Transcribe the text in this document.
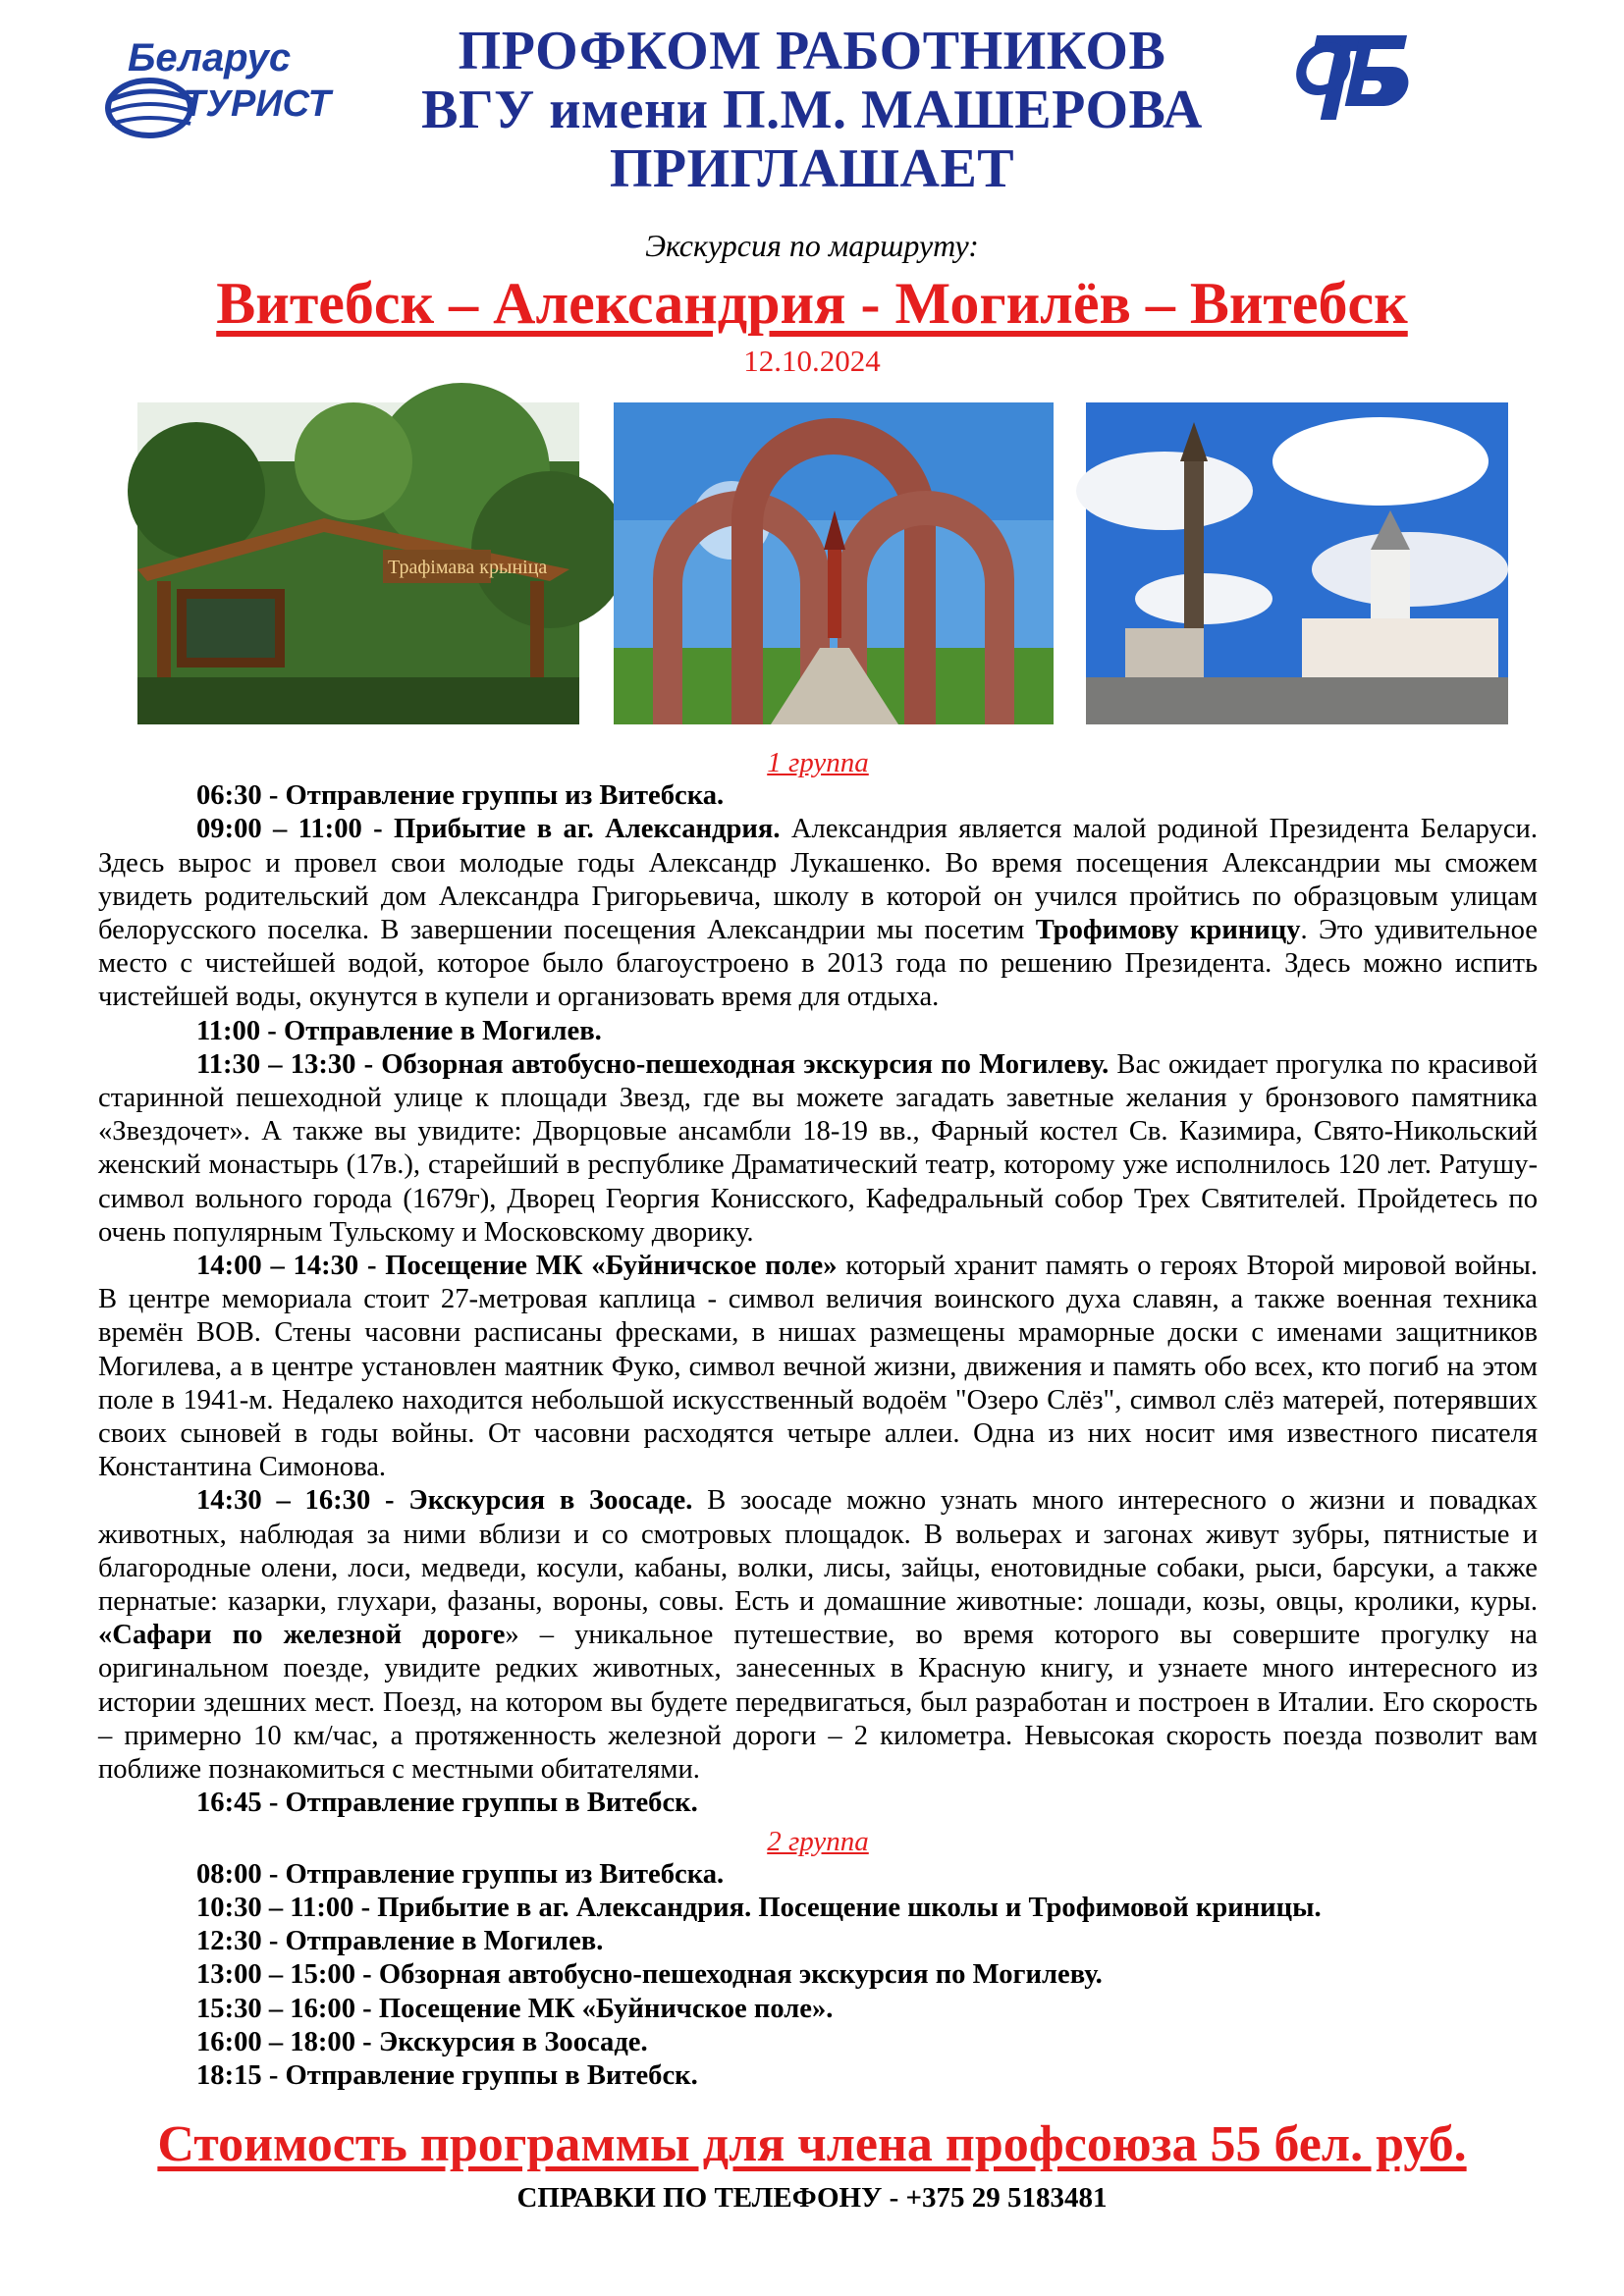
Беларус
ТУРИСТ
ПРОФКОМ РАБОТНИКОВ
ВГУ имени П.М. МАШЕРОВА
ПРИГЛАШАЕТ
Экскурсия по маршруту:
Витебск – Александрия - Могилёв – Витебск
12.10.2024
Трафімава крыніца

1 группа

06:30 - Отправление группы из Витебска.

09:00 – 11:00 - Прибытие в аг. Александрия. Александрия является малой родиной Президента Беларуси. Здесь вырос и провел свои молодые годы Александр Лукашенко. Во время посещения Александрии мы сможем увидеть родительский дом Александра Григорьевича, школу в которой он учился пройтись по образцовым улицам белорусского поселка. В завершении посещения Александрии мы посетим Трофимову криницу. Это удивительное место с чистейшей водой, которое было благоустроено в 2013 года по решению Президента. Здесь можно испить чистейшей воды, окунутся в купели и организовать время для отдыха.

11:00 - Отправление в Могилев.

11:30 – 13:30 - Обзорная автобусно-пешеходная экскурсия по Могилеву. Вас ожидает прогулка по красивой старинной пешеходной улице к площади Звезд, где вы можете загадать заветные желания у бронзового памятника «Звездочет». А также вы увидите: Дворцовые ансамбли 18-19 вв., Фарный костел Св. Казимира, Свято-Никольский женский монастырь (17в.), старейший в республике Драматический театр, которому уже исполнилось 120 лет. Ратушу- символ вольного города (1679г), Дворец Георгия Конисского, Кафедральный собор Трех Святителей. Пройдетесь по очень популярным Тульскому и Московскому дворику.

14:00 – 14:30 - Посещение МК «Буйничское поле» который хранит память о героях Второй мировой войны. В центре мемориала стоит 27-метровая каплица - символ величия воинского духа славян, а также военная техника времён ВОВ. Стены часовни расписаны фресками, в нишах размещены мраморные доски с именами защитников Могилева, а в центре установлен маятник Фуко, символ вечной жизни, движения и память обо всех, кто погиб на этом поле в 1941-м. Недалеко находится небольшой искусственный водоём "Озеро Слёз", символ слёз матерей, потерявших своих сыновей в годы войны. От часовни расходятся четыре аллеи. Одна из них носит имя известного писателя Константина Симонова.

14:30 – 16:30 - Экскурсия в Зоосаде. В зоосаде можно узнать много интересного о жизни и повадках животных, наблюдая за ними вблизи и со смотровых площадок. В вольерах и загонах живут зубры, пятнистые и благородные олени, лоси, медведи, косули, кабаны, волки, лисы, зайцы, енотовидные собаки, рыси, барсуки, а также пернатые: казарки, глухари, фазаны, вороны, совы. Есть и домашние животные: лошади, козы, овцы, кролики, куры. «Сафари по железной дороге» – уникальное путешествие, во время которого вы совершите прогулку на оригинальном поезде, увидите редких животных, занесенных в Красную книгу, и узнаете много интересного из истории здешних мест. Поезд, на котором вы будете передвигаться, был разработан и построен в Италии. Его скорость – примерно 10 км/час, а протяженность железной дороги – 2 километра. Невысокая скорость поезда позволит вам поближе познакомиться с местными обитателями.

16:45 - Отправление группы в Витебск.

2 группа

08:00 - Отправление группы из Витебска.

10:30 – 11:00 - Прибытие в аг. Александрия. Посещение школы и Трофимовой криницы.

12:30 - Отправление в Могилев.

13:00 – 15:00 - Обзорная автобусно-пешеходная экскурсия по Могилеву.

15:30 – 16:00 - Посещение МК «Буйничское поле».

16:00 – 18:00 - Экскурсия в Зоосаде.

18:15 - Отправление группы в Витебск.

Стоимость программы для члена профсоюза 55 бел. руб.
СПРАВКИ ПО ТЕЛЕФОНУ - +375 29 5183481
